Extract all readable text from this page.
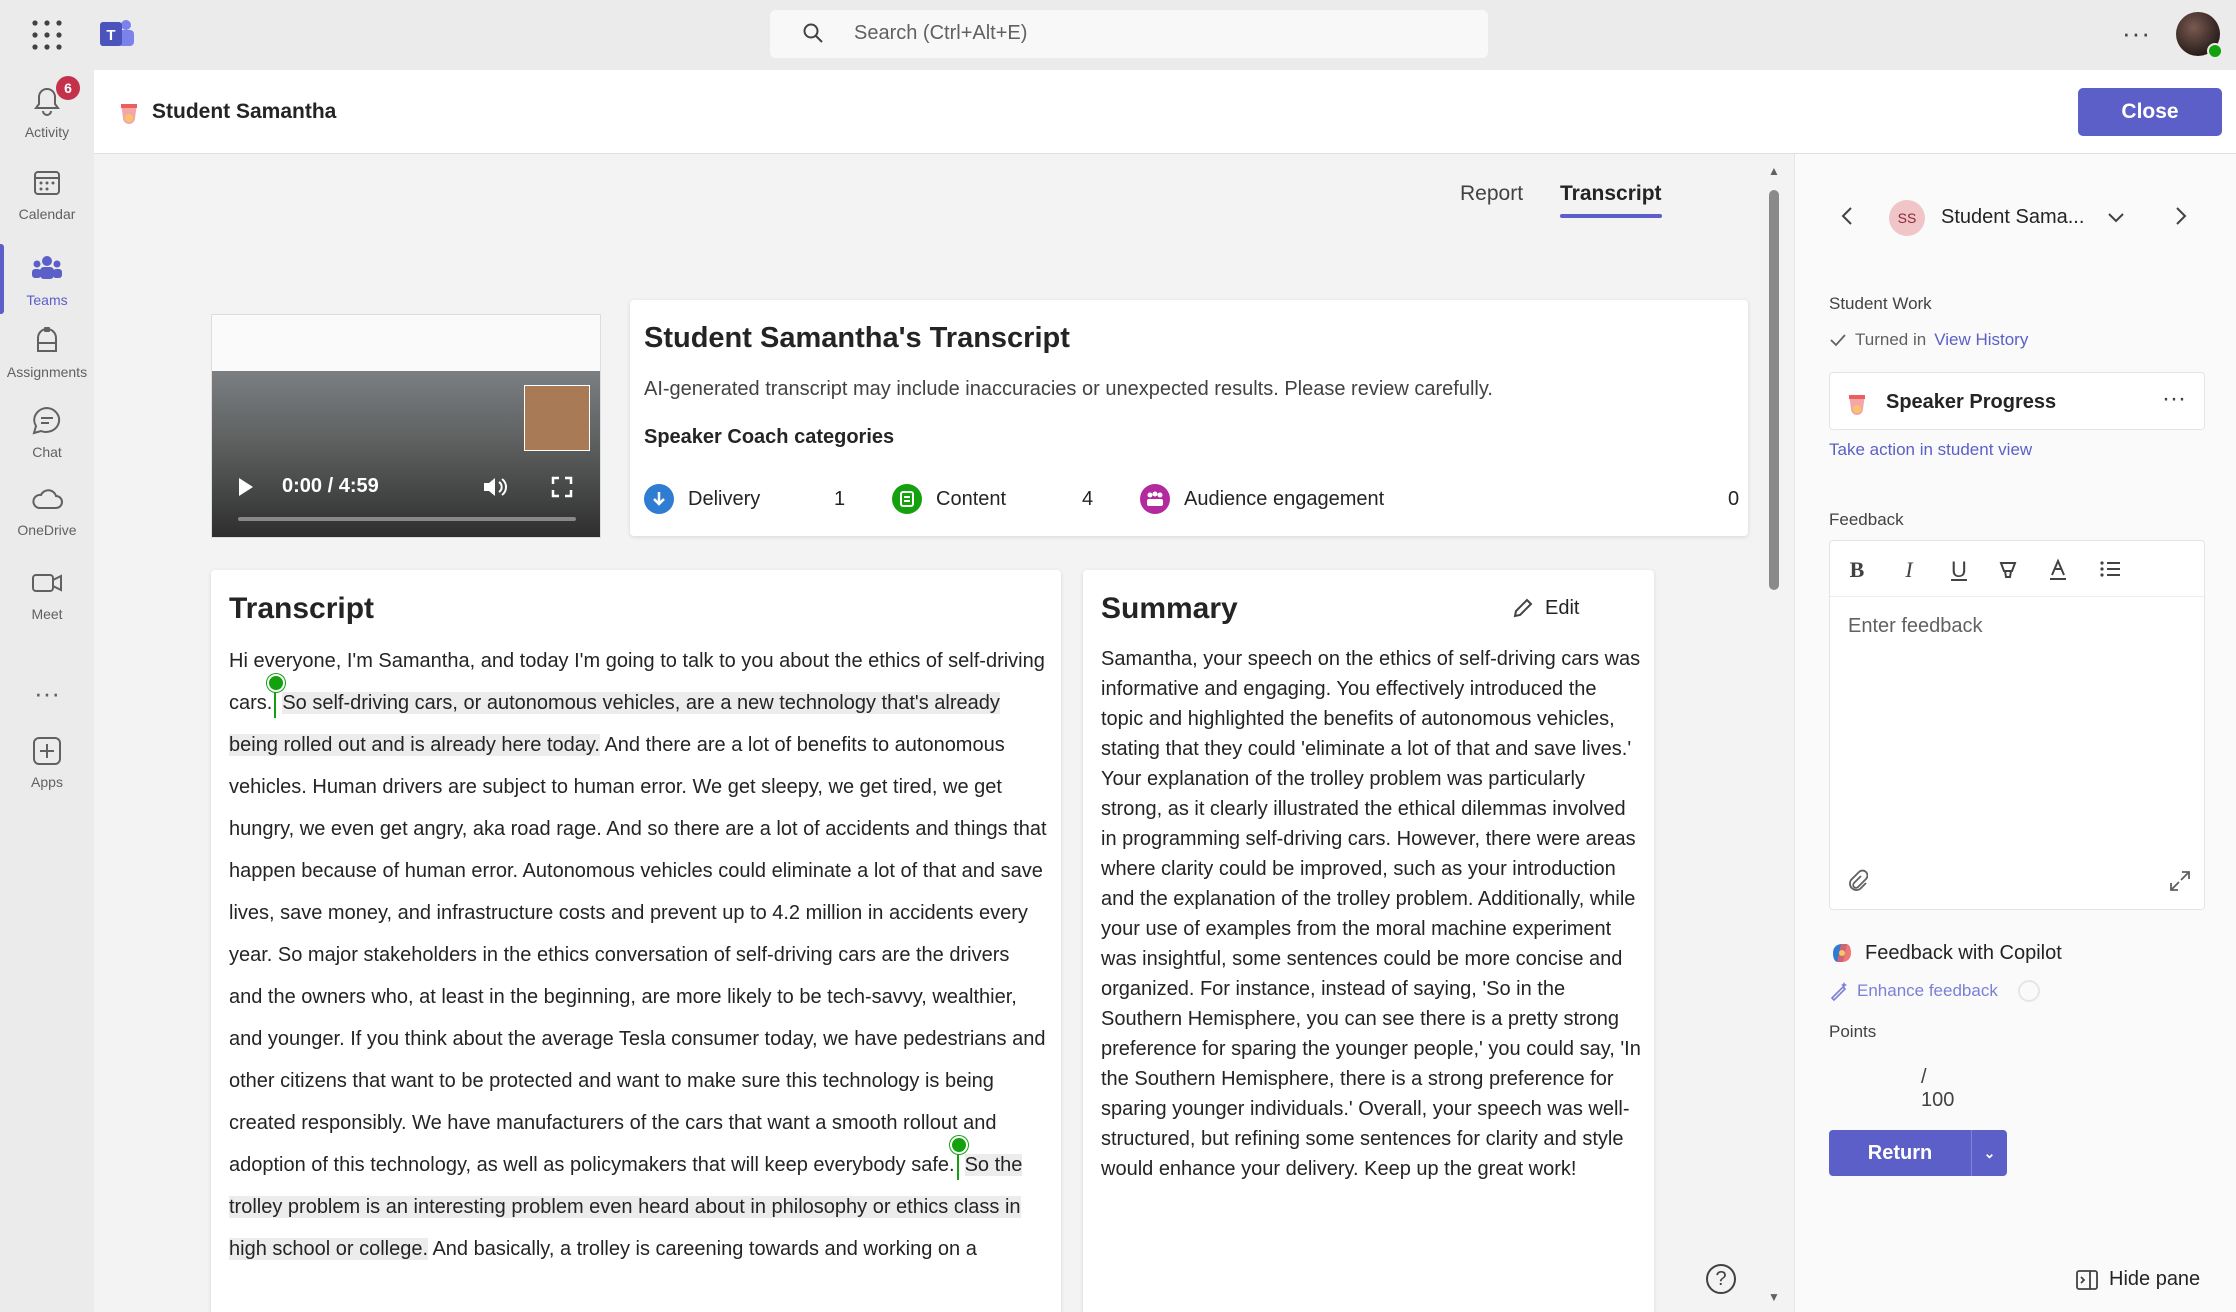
T	Search (Ctrl+Alt+E)	···
6
Activity
Calendar
Teams
Assignments
Chat
OneDrive
Meet
···
Apps
Student Samantha	Close
Report Transcript
0:00 / 4:59
Student Samantha's Transcript
AI-generated transcript may include inaccuracies or unexpected results. Please review carefully.
Speaker Coach categories
Delivery	1	Content	4	Audience engagement	0
Transcript
Hi everyone, I'm Samantha, and today I'm going to talk to you about the ethics of self-driving cars. So self-driving cars, or autonomous vehicles, are a new technology that's already being rolled out and is already here today. And there are a lot of benefits to autonomous vehicles. Human drivers are subject to human error. We get sleepy, we get tired, we get hungry, we even get angry, aka road rage. And so there are a lot of accidents and things that happen because of human error. Autonomous vehicles could eliminate a lot of that and save lives, save money, and infrastructure costs and prevent up to 4.2 million in accidents every year. So major stakeholders in the ethics conversation of self-driving cars are the drivers and the owners who, at least in the beginning, are more likely to be tech-savvy, wealthier, and younger. If you think about the average Tesla consumer today, we have pedestrians and other citizens that want to be protected and want to make sure this technology is being created responsibly. We have manufacturers of the cars that want a smooth rollout and adoption of this technology, as well as policymakers that will keep everybody safe. So the trolley problem is an interesting problem even heard about in philosophy or ethics class in high school or college. And basically, a trolley is careening towards and working on a
Summary	Edit
Samantha, your speech on the ethics of self-driving cars was informative and engaging. You effectively introduced the topic and highlighted the benefits of autonomous vehicles, stating that they could 'eliminate a lot of that and save lives.' Your explanation of the trolley problem was particularly strong, as it clearly illustrated the ethical dilemmas involved in programming self-driving cars. However, there were areas where clarity could be improved, such as your introduction and the explanation of the trolley problem. Additionally, while your use of examples from the moral machine experiment was insightful, some sentences could be more concise and organized. For instance, instead of saying, 'So in the Southern Hemisphere, you can see there is a pretty strong preference for sparing the younger people,' you could say, 'In the Southern Hemisphere, there is a strong preference for sparing younger individuals.' Overall, your speech was well-structured, but refining some sentences for clarity and style would enhance your delivery. Keep up the great work!
▲
▼
?
SS	Student Sama...
Student Work
Turned in View History
Speaker Progress	···
Take action in student view
Feedback
B	I	U
Enter feedback
Feedback with Copilot
Enhance feedback
Points
/ 100
Return	⌄
Hide pane
